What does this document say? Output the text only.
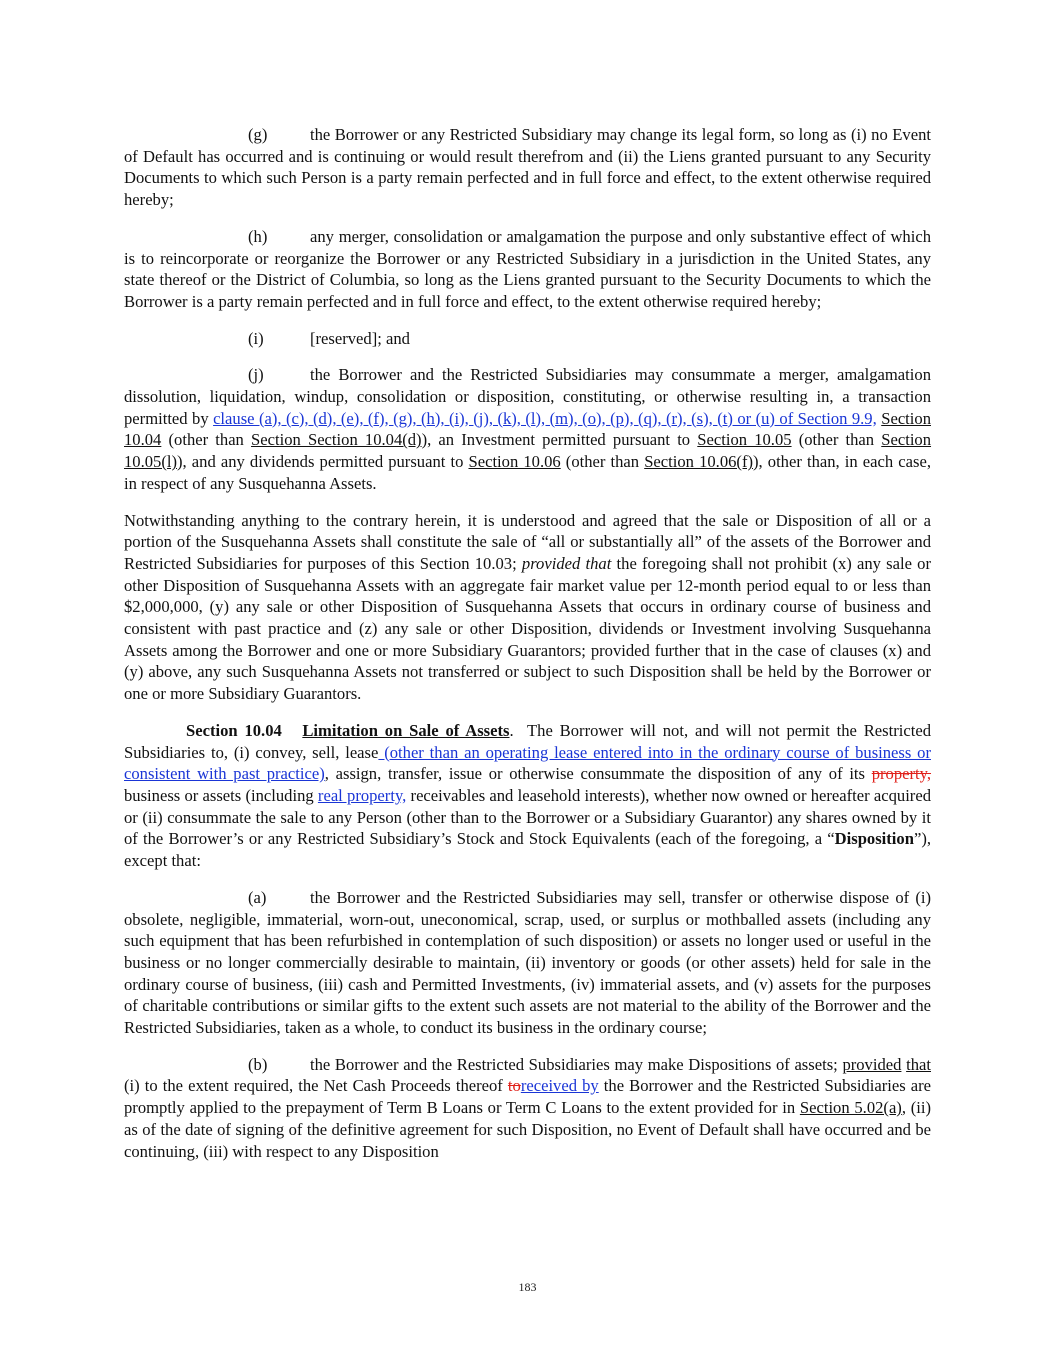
(g)	the Borrower or any Restricted Subsidiary may change its legal form, so long as (i) no Event of Default has occurred and is continuing or would result therefrom and (ii) the Liens granted pursuant to any Security Documents to which such Person is a party remain perfected and in full force and effect, to the extent otherwise required hereby;

(h)	any merger, consolidation or amalgamation the purpose and only substantive effect of which is to reincorporate or reorganize the Borrower or any Restricted Subsidiary in a jurisdiction in the United States, any state thereof or the District of Columbia, so long as the Liens granted pursuant to the Security Documents to which the Borrower is a party remain perfected and in full force and effect, to the extent otherwise required hereby;

(i)	[reserved]; and

(j)	the Borrower and the Restricted Subsidiaries may consummate a merger, amalgamation dissolution, liquidation, windup, consolidation or disposition, constituting, or otherwise resulting in, a transaction permitted by clause (a), (c), (d), (e), (f), (g), (h), (i), (j), (k), (l), (m), (o), (p), (q), (r), (s), (t) or (u) of Section 9.9, Section 10.04 (other than Section Section 10.04(d)), an Investment permitted pursuant to Section 10.05 (other than Section 10.05(l)), and any dividends permitted pursuant to Section 10.06 (other than Section 10.06(f)), other than, in each case, in respect of any Susquehanna Assets.

Notwithstanding anything to the contrary herein, it is understood and agreed that the sale or Disposition of all or a portion of the Susquehanna Assets shall constitute the sale of “all or substantially all” of the assets of the Borrower and Restricted Subsidiaries for purposes of this Section 10.03; provided that the foregoing shall not prohibit (x) any sale or other Disposition of Susquehanna Assets with an aggregate fair market value per 12-month period equal to or less than $2,000,000, (y) any sale or other Disposition of Susquehanna Assets that occurs in ordinary course of business and consistent with past practice and (z) any sale or other Disposition, dividends or Investment involving Susquehanna Assets among the Borrower and one or more Subsidiary Guarantors; provided further that in the case of clauses (x) and (y) above, any such Susquehanna Assets not transferred or subject to such Disposition shall be held by the Borrower or one or more Subsidiary Guarantors.

Section 10.04 Limitation on Sale of Assets.  The Borrower will not, and will not permit the Restricted Subsidiaries to, (i) convey, sell, lease (other than an operating lease entered into in the ordinary course of business or consistent with past practice), assign, transfer, issue or otherwise consummate the disposition of any of its property, business or assets (including real property, receivables and leasehold interests), whether now owned or hereafter acquired or (ii) consummate the sale to any Person (other than to the Borrower or a Subsidiary Guarantor) any shares owned by it of the Borrower’s or any Restricted Subsidiary’s Stock and Stock Equivalents (each of the foregoing, a “Disposition”), except that:

(a)	the Borrower and the Restricted Subsidiaries may sell, transfer or otherwise dispose of (i) obsolete, negligible, immaterial, worn-out, uneconomical, scrap, used, or surplus or mothballed assets (including any such equipment that has been refurbished in contemplation of such disposition) or assets no longer used or useful in the business or no longer commercially desirable to maintain, (ii) inventory or goods (or other assets) held for sale in the ordinary course of business, (iii) cash and Permitted Investments, (iv) immaterial assets, and (v) assets for the purposes of charitable contributions or similar gifts to the extent such assets are not material to the ability of the Borrower and the Restricted Subsidiaries, taken as a whole, to conduct its business in the ordinary course;

(b)	the Borrower and the Restricted Subsidiaries may make Dispositions of assets; provided that (i) to the extent required, the Net Cash Proceeds thereof toreceived by the Borrower and the Restricted Subsidiaries are promptly applied to the prepayment of Term B Loans or Term C Loans to the extent provided for in Section 5.02(a), (ii) as of the date of signing of the definitive agreement for such Disposition, no Event of Default shall have occurred and be continuing, (iii) with respect to any Disposition

183
